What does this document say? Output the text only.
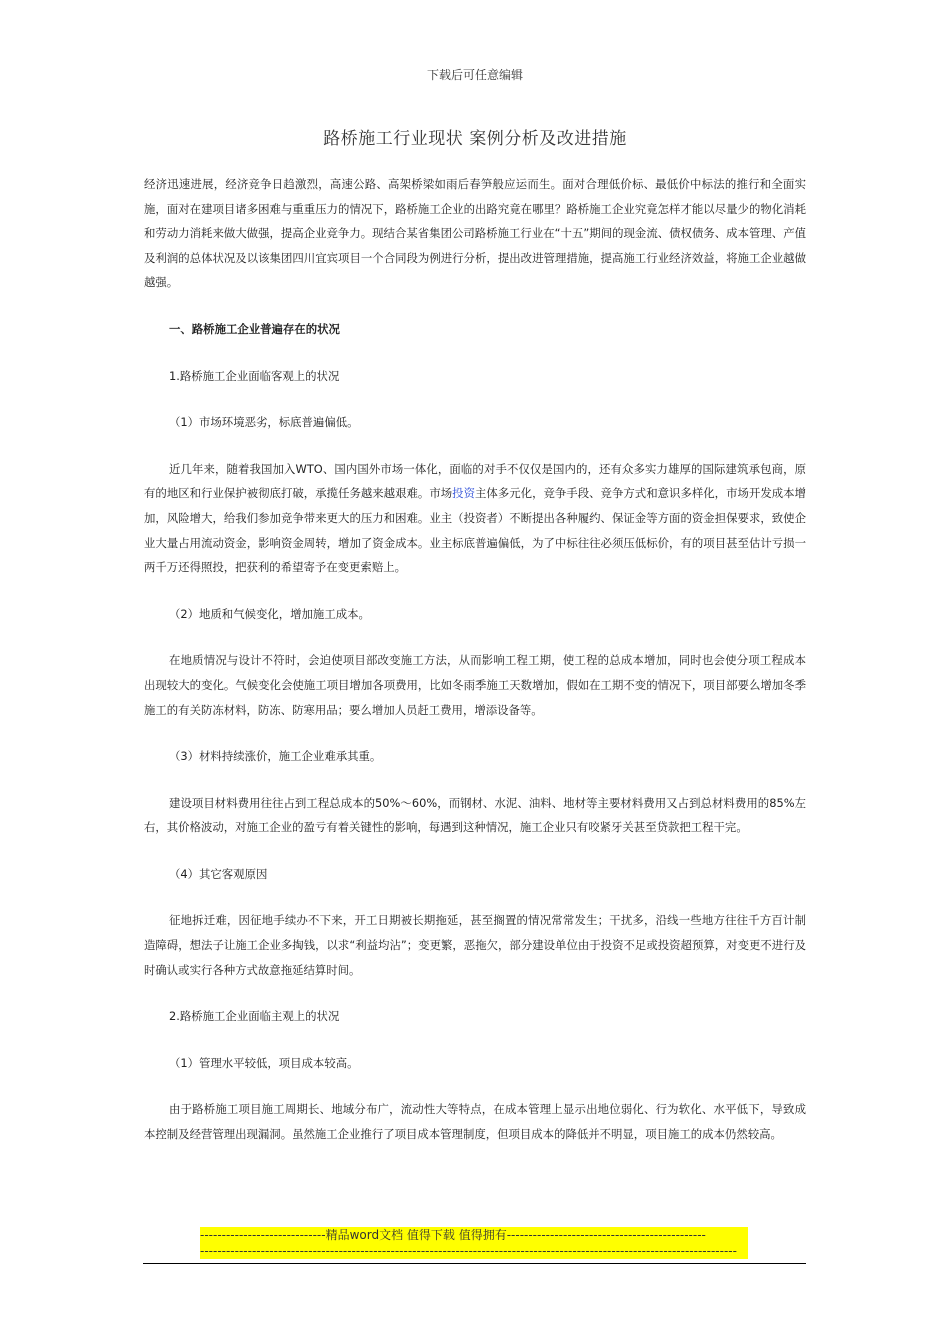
下载后可任意编辑
路桥施工行业现状 案例分析及改进措施

经济迅速进展，经济竞争日趋激烈，高速公路、高架桥梁如雨后春笋般应运而生。面对合理低价标、最低价中标法的推行和全面实施，面对在建项目诸多困难与重重压力的情况下，路桥施工企业的出路究竟在哪里？路桥施工企业究竟怎样才能以尽量少的物化消耗和劳动力消耗来做大做强，提高企业竞争力。现结合某省集团公司路桥施工行业在“十五”期间的现金流、债权债务、成本管理、产值及利润的总体状况及以该集团四川宜宾项目一个合同段为例进行分析，提出改进管理措施，提高施工行业经济效益，将施工企业越做越强。

一、路桥施工企业普遍存在的状况

1.路桥施工企业面临客观上的状况

（1）市场环境恶劣，标底普遍偏低。

近几年来，随着我国加入WTO、国内国外市场一体化，面临的对手不仅仅是国内的，还有众多实力雄厚的国际建筑承包商，原有的地区和行业保护被彻底打破，承揽任务越来越艰难。市场投资主体多元化，竞争手段、竞争方式和意识多样化，市场开发成本增加，风险增大，给我们参加竞争带来更大的压力和困难。业主（投资者）不断提出各种履约、保证金等方面的资金担保要求，致使企业大量占用流动资金，影响资金周转，增加了资金成本。业主标底普遍偏低，为了中标往往必须压低标价，有的项目甚至估计亏损一两千万还得照投，把获利的希望寄予在变更索赔上。

（2）地质和气候变化，增加施工成本。

在地质情况与设计不符时，会迫使项目部改变施工方法，从而影响工程工期，使工程的总成本增加，同时也会使分项工程成本出现较大的变化。气候变化会使施工项目增加各项费用，比如冬雨季施工天数增加，假如在工期不变的情况下，项目部要么增加冬季施工的有关防冻材料，防冻、防寒用品；要么增加人员赶工费用，增添设备等。

（3）材料持续涨价，施工企业难承其重。

建设项目材料费用往往占到工程总成本的50%～60%，而钢材、水泥、油料、地材等主要材料费用又占到总材料费用的85%左右，其价格波动，对施工企业的盈亏有着关键性的影响，每遇到这种情况，施工企业只有咬紧牙关甚至贷款把工程干完。

（4）其它客观原因

征地拆迁难，因征地手续办不下来，开工日期被长期拖延，甚至搁置的情况常常发生；干扰多，沿线一些地方往往千方百计制造障碍，想法子让施工企业多掏钱，以求“利益均沾”；变更繁，恶拖欠，部分建设单位由于投资不足或投资超预算，对变更不进行及时确认或实行各种方式故意拖延结算时间。

2.路桥施工企业面临主观上的状况

（1）管理水平较低，项目成本较高。

由于路桥施工项目施工周期长、地域分布广，流动性大等特点，在成本管理上显示出地位弱化、行为软化、水平低下，导致成本控制及经营管理出现漏洞。虽然施工企业推行了项目成本管理制度，但项目成本的降低并不明显，项目施工的成本仍然较高。

-----------------------------精品word文档 值得下载 值得拥有----------------------------------------------
----------------------------------------------------------------------------------------------------------------------------
